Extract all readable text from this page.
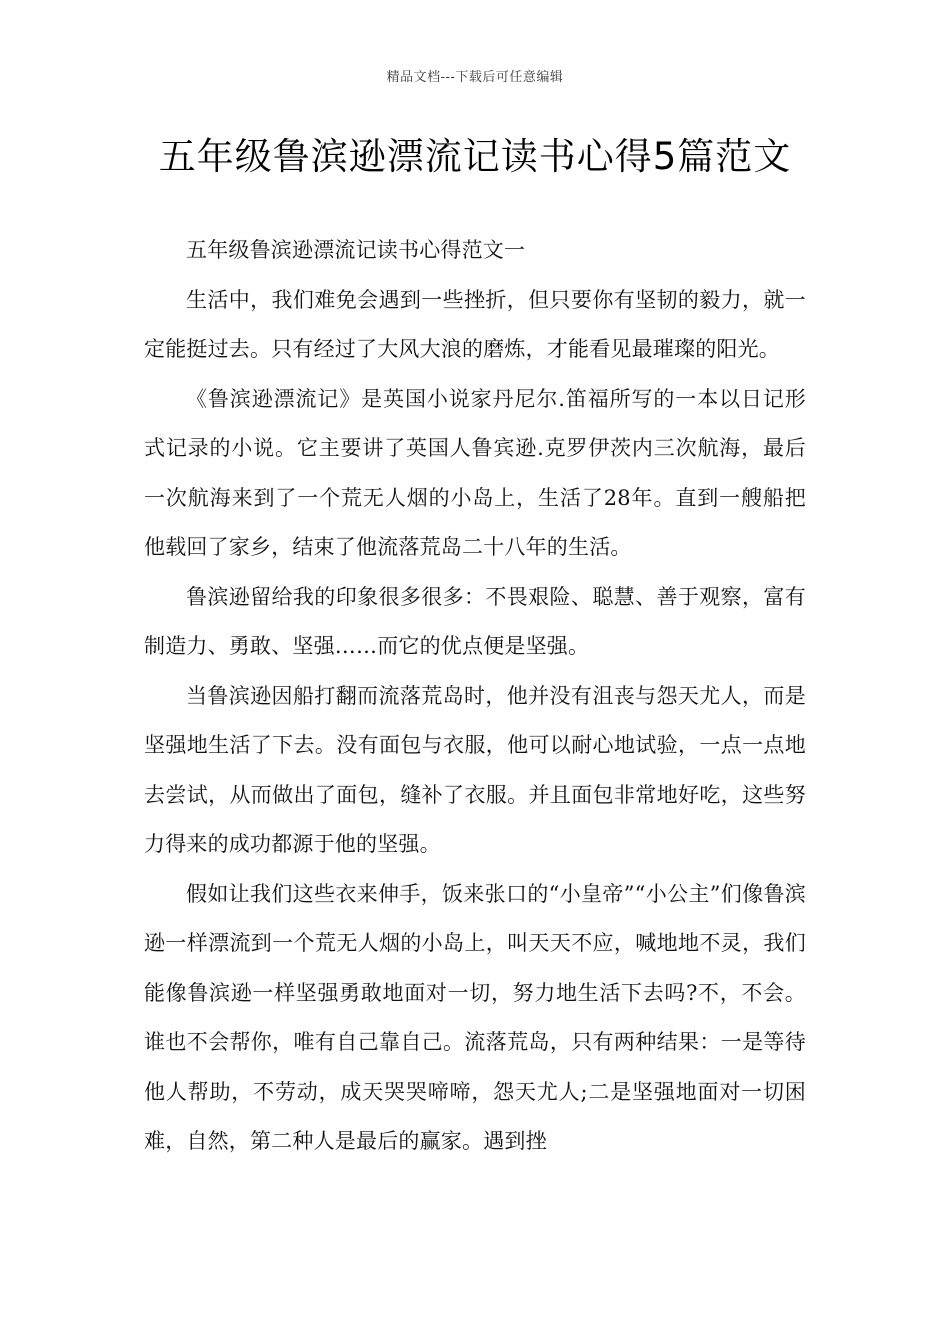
精品文档---下载后可任意编辑
五年级鲁滨逊漂流记读书心得5篇范文

五年级鲁滨逊漂流记读书心得范文一

生活中，我们难免会遇到一些挫折，但只要你有坚韧的毅力，就一定能挺过去。只有经过了大风大浪的磨炼，才能看见最璀璨的阳光。

《鲁滨逊漂流记》是英国小说家丹尼尔.笛福所写的一本以日记形式记录的小说。它主要讲了英国人鲁宾逊.克罗伊茨内三次航海，最后一次航海来到了一个荒无人烟的小岛上，生活了28年。直到一艘船把他载回了家乡，结束了他流落荒岛二十八年的生活。

鲁滨逊留给我的印象很多很多：不畏艰险、聪慧、善于观察，富有制造力、勇敢、坚强……而它的优点便是坚强。

当鲁滨逊因船打翻而流落荒岛时，他并没有沮丧与怨天尤人，而是坚强地生活了下去。没有面包与衣服，他可以耐心地试验，一点一点地去尝试，从而做出了面包，缝补了衣服。并且面包非常地好吃，这些努力得来的成功都源于他的坚强。

假如让我们这些衣来伸手，饭来张口的“小皇帝”“小公主”们像鲁滨逊一样漂流到一个荒无人烟的小岛上，叫天天不应，喊地地不灵，我们能像鲁滨逊一样坚强勇敢地面对一切，努力地生活下去吗?不，不会。谁也不会帮你，唯有自己靠自己。流落荒岛，只有两种结果：一是等待他人帮助，不劳动，成天哭哭啼啼，怨天尤人;二是坚强地面对一切困难，自然，第二种人是最后的赢家。遇到挫
